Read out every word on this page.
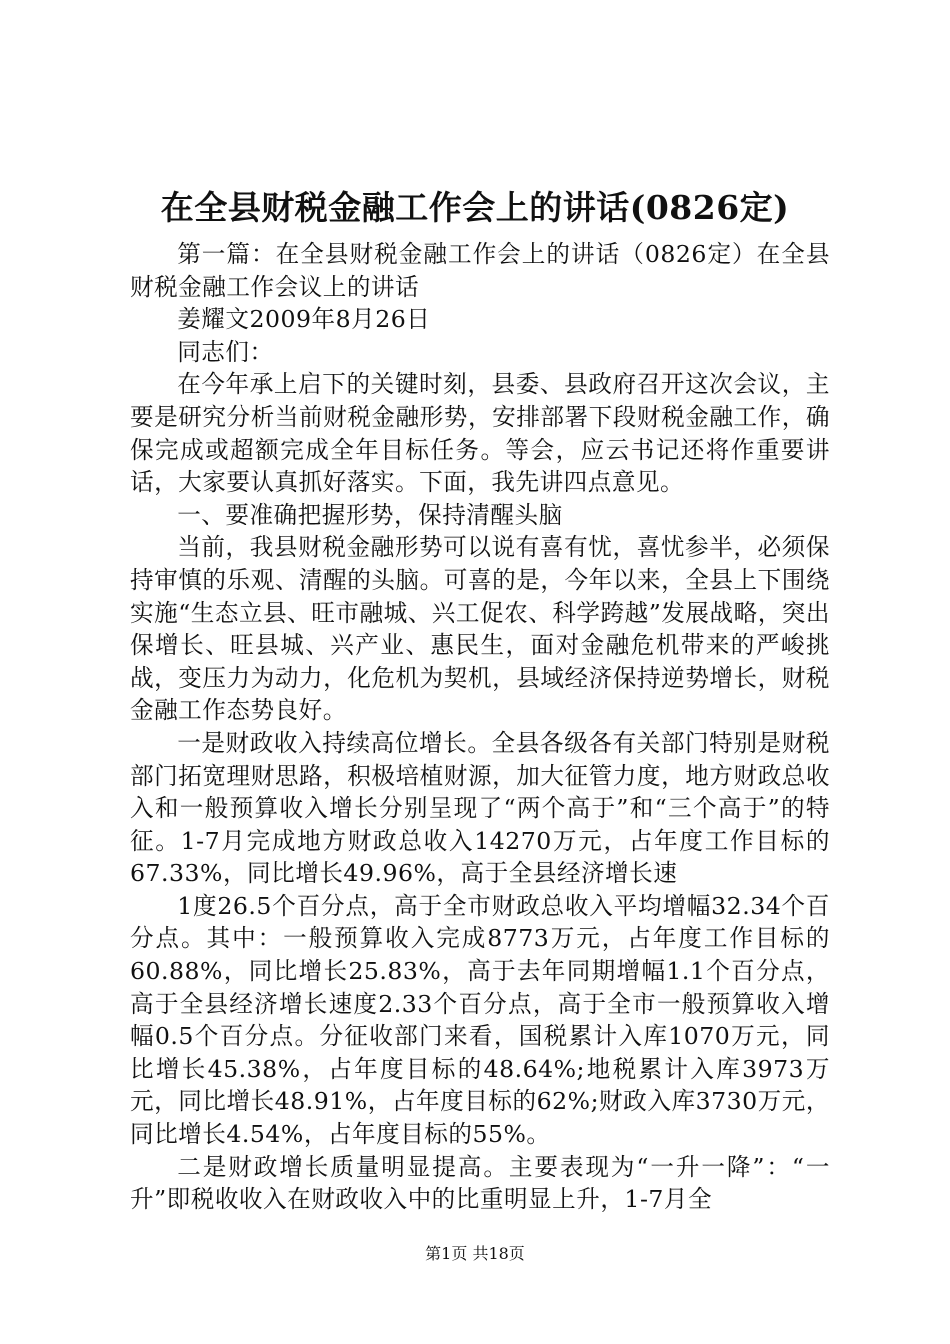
在全县财税金融工作会上的讲话(0826定)

第一篇：在全县财税金融工作会上的讲话（0826定）在全县财税金融工作会议上的讲话

姜耀文2009年8月26日

同志们：

在今年承上启下的关键时刻，县委、县政府召开这次会议，主要是研究分析当前财税金融形势，安排部署下段财税金融工作，确保完成或超额完成全年目标任务。等会，应云书记还将作重要讲话，大家要认真抓好落实。下面，我先讲四点意见。

一、要准确把握形势，保持清醒头脑

当前，我县财税金融形势可以说有喜有忧，喜忧参半，必须保持审慎的乐观、清醒的头脑。可喜的是，今年以来，全县上下围绕实施“生态立县、旺市融城、兴工促农、科学跨越”发展战略，突出保增长、旺县城、兴产业、惠民生，面对金融危机带来的严峻挑战，变压力为动力，化危机为契机，县域经济保持逆势增长，财税金融工作态势良好。

一是财政收入持续高位增长。全县各级各有关部门特别是财税部门拓宽理财思路，积极培植财源，加大征管力度，地方财政总收入和一般预算收入增长分别呈现了“两个高于”和“三个高于”的特征。1-7月完成地方财政总收入14270万元，占年度工作目标的67.33%，同比增长49.96%，高于全县经济增长速

1度26.5个百分点，高于全市财政总收入平均增幅32.34个百分点。其中：一般预算收入完成8773万元，占年度工作目标的60.88%，同比增长25.83%，高于去年同期增幅1.1个百分点，高于全县经济增长速度2.33个百分点，高于全市一般预算收入增幅0.5个百分点。分征收部门来看，国税累计入库1070万元，同比增长45.38%，占年度目标的48.64%;地税累计入库3973万元，同比增长48.91%，占年度目标的62%;财政入库3730万元，同比增长4.54%，占年度目标的55%。

二是财政增长质量明显提高。主要表现为“一升一降”：“一升”即税收收入在财政收入中的比重明显上升，1-7月全

第1页 共18页
